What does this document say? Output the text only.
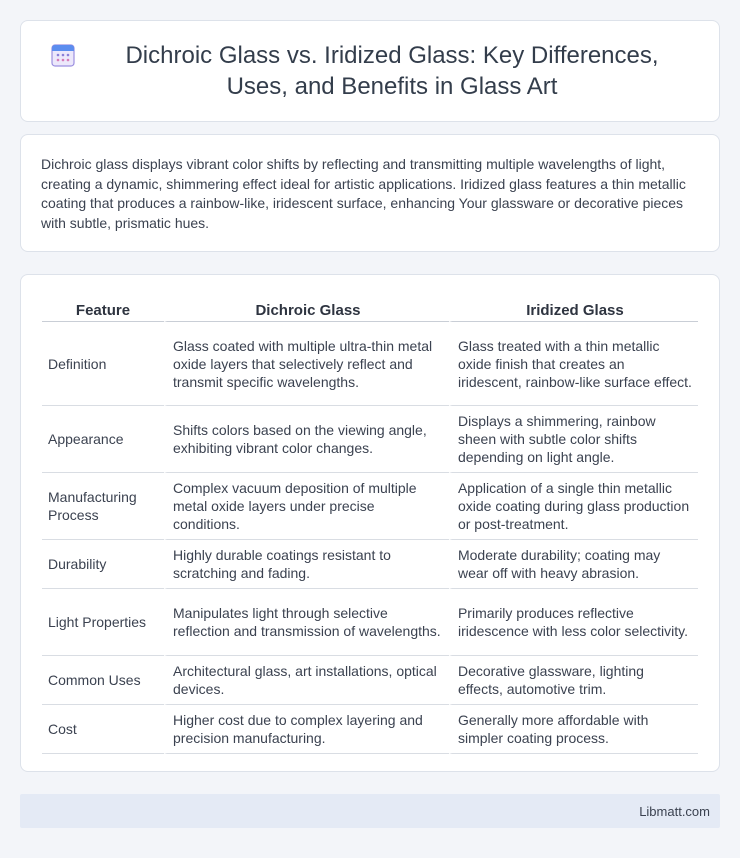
Dichroic Glass vs. Iridized Glass: Key Differences, Uses, and Benefits in Glass Art

Dichroic glass displays vibrant color shifts by reflecting and transmitting multiple wavelengths of light, creating a dynamic, shimmering effect ideal for artistic applications. Iridized glass features a thin metallic coating that produces a rainbow-like, iridescent surface, enhancing Your glassware or decorative pieces with subtle, prismatic hues.

Feature	Dichroic Glass	Iridized Glass
Definition	Glass coated with multiple ultra-thin metal oxide layers that selectively reflect and transmit specific wavelengths.	Glass treated with a thin metallic oxide finish that creates an iridescent, rainbow-like surface effect.
Appearance	Shifts colors based on the viewing angle, exhibiting vibrant color changes.	Displays a shimmering, rainbow sheen with subtle color shifts depending on light angle.
Manufacturing Process	Complex vacuum deposition of multiple metal oxide layers under precise conditions.	Application of a single thin metallic oxide coating during glass production or post-treatment.
Durability	Highly durable coatings resistant to scratching and fading.	Moderate durability; coating may wear off with heavy abrasion.
Light Properties	Manipulates light through selective reflection and transmission of wavelengths.	Primarily produces reflective iridescence with less color selectivity.
Common Uses	Architectural glass, art installations, optical devices.	Decorative glassware, lighting effects, automotive trim.
Cost	Higher cost due to complex layering and precision manufacturing.	Generally more affordable with simpler coating process.
Libmatt.com
